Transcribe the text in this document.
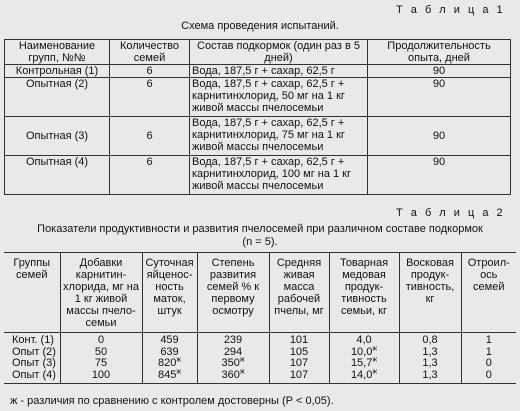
Т а б л и ц а 1
Схема проведения испытаний.
Наименование групп, №№	Количество семей	Состав подкормок (один раз в 5 дней)	Продолжительность опыта, дней
Контрольная (1)	6	Вода, 187,5 г + сахар, 62,5 г	90
Опытная (2)	6	Вода, 187,5 г + сахар, 62,5 г + карнитинхлорид, 50 мг на 1 кг живой массы пчелосемьи	90
Опытная (3)	6	Вода, 187,5 г + сахар, 62,5 г + карнитинхлорид, 75 мг на 1 кг живой массы пчелосемьи	90
Опытная (4)	6	Вода, 187,5 г + сахар, 62,5 г + карнитинхлорид, 100 мг на 1 кг живой массы пчелосемьи	90
Т а б л и ц а 2
Показатели продуктивности и развития пчелосемей при различном составе подкормок
(n = 5).
Группы семей	Добавки карнитин-хлорида, мг на 1 кг живой массы пчело-семьи	Суточная яйценос-ность маток, штук	Степень развития семей % к первому осмотру	Средняя живая масса рабочей пчелы, мг	Товарная медовая продук-тивность семьи, кг	Восковая продук-тивность, кг	Отроил-ось семей
Конт. (1)	0	459	239	101	4,0	0,8	1
Опыт (2)	50	639	294	105	$10,0^ж$	1,3	1
Опыт (3)	75	$820^ж$	$350^ж$	107	$15,7^ж$	1,3	0
Опыт (4)	100	$845^ж$	$360^ж$	107	$14,0^ж$	1,3	0
ж - различия по сравнению с контролем достоверны (Р < 0,05).
